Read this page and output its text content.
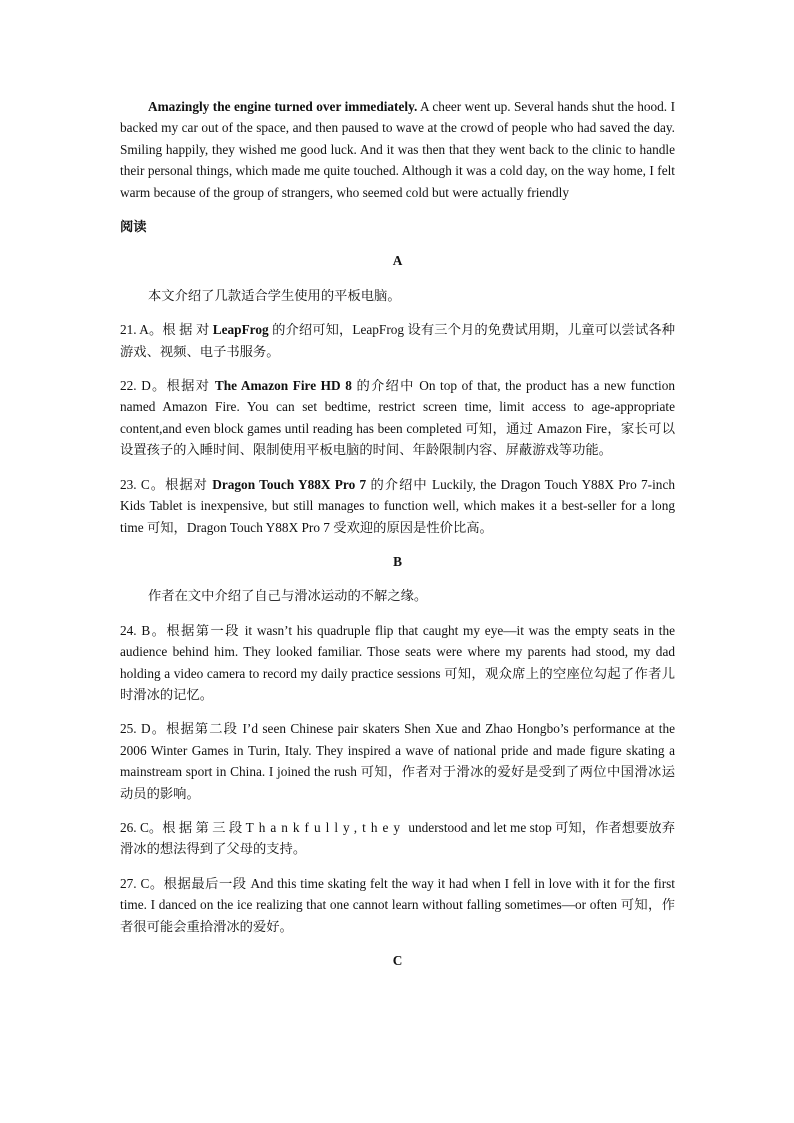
Amazingly the engine turned over immediately. A cheer went up. Several hands shut the hood. I backed my car out of the space, and then paused to wave at the crowd of people who had saved the day. Smiling happily, they wished me good luck. And it was then that they went back to the clinic to handle their personal things, which made me quite touched. Although it was a cold day, on the way home, I felt warm because of the group of strangers, who seemed cold but were actually friendly

阅读

A

本文介绍了几款适合学生使用的平板电脑。

21. A。根 据 对 LeapFrog 的介绍可知，LeapFrog 设有三个月的免费试用期，儿童可以尝试各种游戏、视频、电子书服务。

22. D。根据对 The Amazon Fire HD 8 的介绍中 On top of that, the product has a new function named Amazon Fire. You can set bedtime, restrict screen time, limit access to age-appropriate content,and even block games until reading has been completed 可知，通过 Amazon Fire，家长可以设置孩子的入睡时间、限制使用平板电脑的时间、年龄限制内容、屏蔽游戏等功能。

23. C。根据对 Dragon Touch Y88X Pro 7 的介绍中 Luckily, the Dragon Touch Y88X Pro 7-inch Kids Tablet is inexpensive, but still manages to function well, which makes it a best-seller for a long time 可知，Dragon Touch Y88X Pro 7 受欢迎的原因是性价比高。

B

作者在文中介绍了自己与滑冰运动的不解之缘。

24. B。根据第一段 it wasn’t his quadruple flip that caught my eye—it was the empty seats in the audience behind him. They looked familiar. Those seats were where my parents had stood, my dad holding a video camera to record my daily practice sessions 可知，观众席上的空座位勾起了作者儿时滑冰的记忆。

25. D。根据第二段 I’d seen Chinese pair skaters Shen Xue and Zhao Hongbo’s performance at the 2006 Winter Games in Turin, Italy. They inspired a wave of national pride and made figure skating a mainstream sport in China. I joined the rush 可知，作者对于滑冰的爱好是受到了两位中国滑冰运动员的影响。

26. C。根 据 第 三 段 Thankfully,they understood and let me stop 可知，作者想要放弃滑冰的想法得到了父母的支持。

27. C。根据最后一段 And this time skating felt the way it had when I fell in love with it for the first time. I danced on the ice realizing that one cannot learn without falling sometimes—or often 可知，作者很可能会重拾滑冰的爱好。

C
